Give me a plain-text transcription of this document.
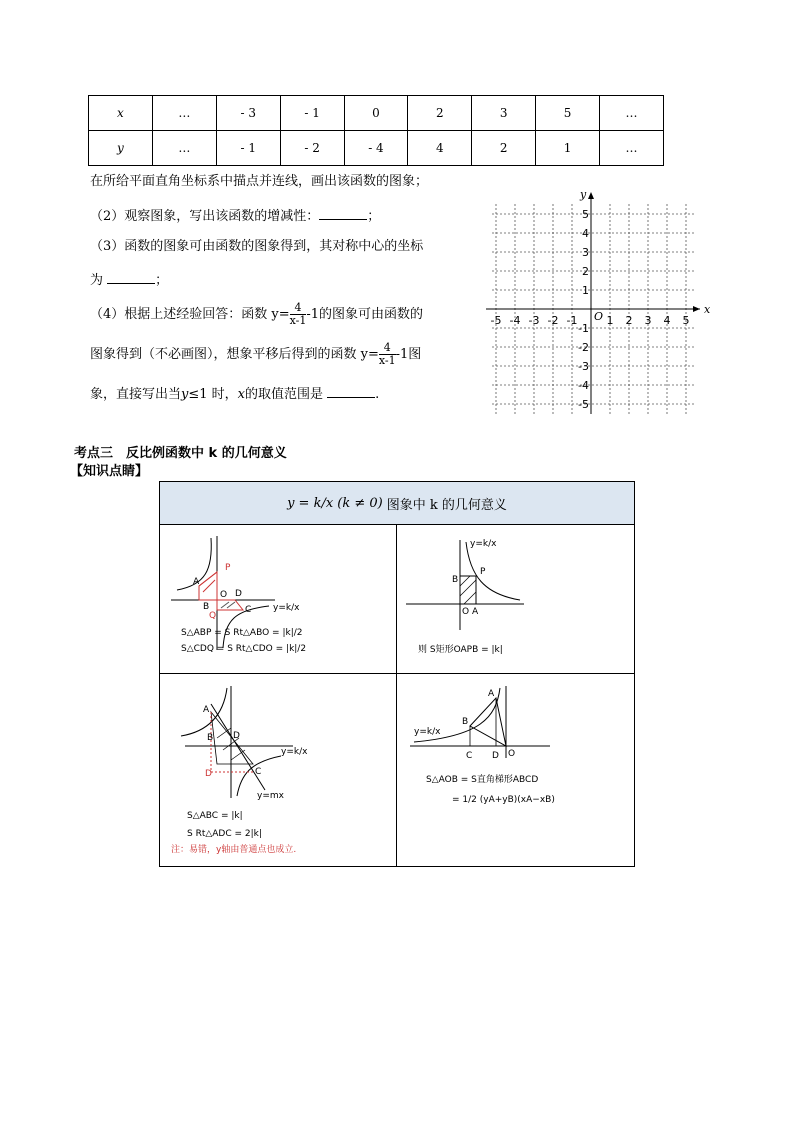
x	…	- 3	- 1	0	2	3	5	…
y	…	- 1	- 2	- 4	4	2	1	…
在所给平面直角坐标系中描点并连线，画出该函数的图象；
（2）观察图象，写出该函数的增减性：	；
（3）函数的图象可由函数的图象得到，其对称中心的坐标
为	；
（4）根据上述经验回答：函数 $y= \frac{4}{x-1} -1$的图象可由函数的
图象得到（不必画图），想象平移后得到的函数 $y= \frac{4}{x-1} -1$图
象，直接写出当y≤1 时，x的取值范围是	.
x
y
O
-5 -4 -3 -2 -1	1 2 3 4 5
5
4
3
2
1
-1
-2
-3
-4
-5
考点三　反比例函数中 k 的几何意义
【知识点睛】
y = k/x (k ≠ 0) 图象中 k 的几何意义
A
P
B
O
Q
C
D
y=k/x
S△ABP = S Rt△ABO = |k|/2
S△CDQ = S Rt△CDO = |k|/2
B
P
O A
y=k/x
则 S矩形OAPB = |k|
A
B D
C
D
y=k/x
y=mx
S△ABC = |k|
S Rt△ADC = 2|k|
注：易错，y轴由普通点也成立.
B
A
C D O
y=k/x
S△AOB = S直角梯形ABCD
= 1/2 (yA+yB)(xA−xB)
